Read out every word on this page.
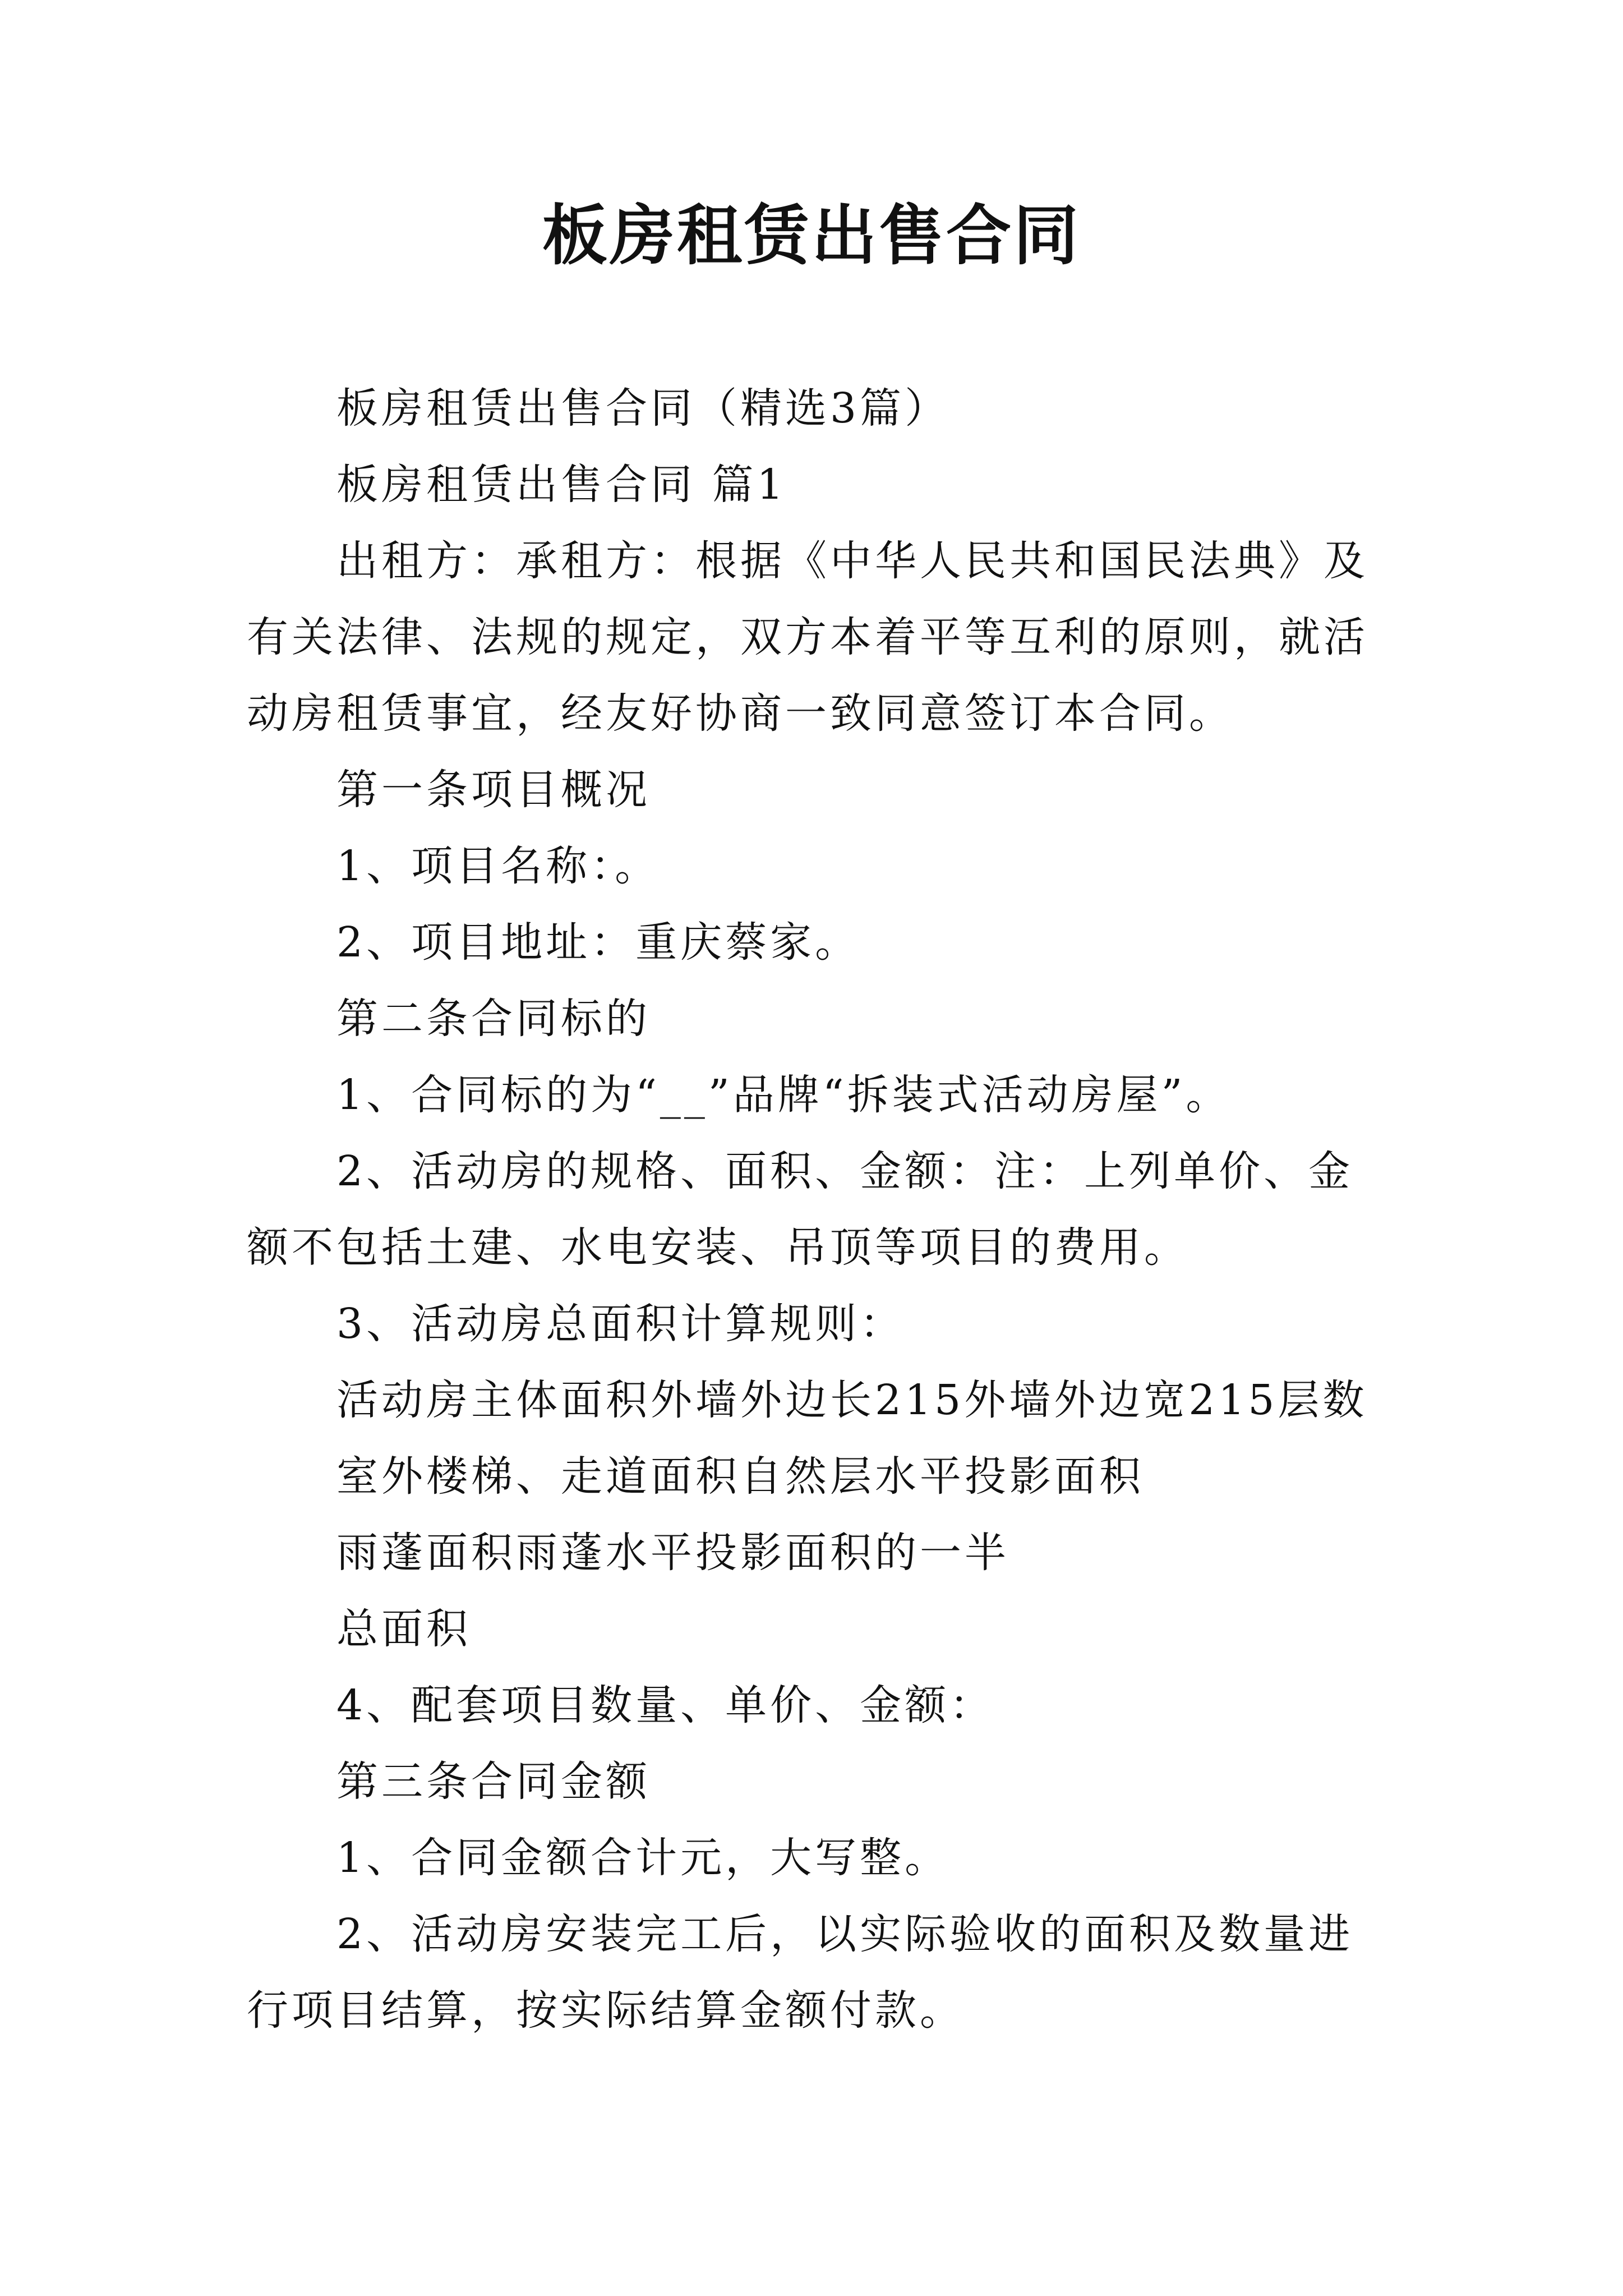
板房租赁出售合同

板房租赁出售合同（精选3篇）

板房租赁出售合同 篇1

出租方：承租方：根据《中华人民共和国民法典》及有关法律、法规的规定，双方本着平等互利的原则，就活动房租赁事宜，经友好协商一致同意签订本合同。

第一条项目概况

1、项目名称：。

2、项目地址：重庆蔡家。

第二条合同标的

1、合同标的为“__”品牌“拆装式活动房屋”。

2、活动房的规格、面积、金额：注：上列单价、金额不包括土建、水电安装、吊顶等项目的费用。

3、活动房总面积计算规则：

活动房主体面积外墙外边长215外墙外边宽215层数

室外楼梯、走道面积自然层水平投影面积

雨蓬面积雨蓬水平投影面积的一半

总面积

4、配套项目数量、单价、金额：

第三条合同金额

1、合同金额合计元，大写整。

2、活动房安装完工后，以实际验收的面积及数量进行项目结算，按实际结算金额付款。
